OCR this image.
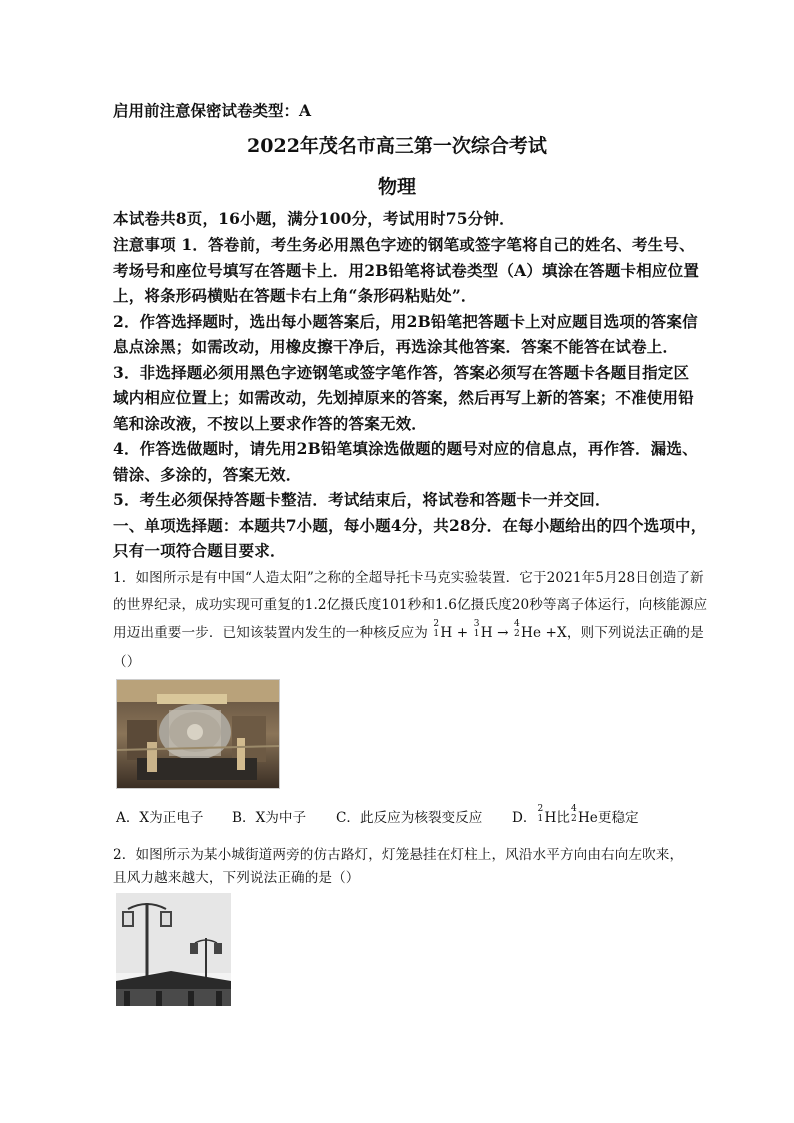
启用前注意保密试卷类型：A
2022年茂名市高三第一次综合考试
物理
本试卷共8页，16小题，满分100分，考试用时75分钟．
注意事项 1．答卷前，考生务必用黑色字迹的钢笔或签字笔将自己的姓名、考生号、
考场号和座位号填写在答题卡上．用2B铅笔将试卷类型（A）填涂在答题卡相应位置
上，将条形码横贴在答题卡右上角“条形码粘贴处”．
2．作答选择题时，选出每小题答案后，用2B铅笔把答题卡上对应题目选项的答案信
息点涂黑；如需改动，用橡皮擦干净后，再选涂其他答案．答案不能答在试卷上．
3．非选择题必须用黑色字迹钢笔或签字笔作答，答案必须写在答题卡各题目指定区
域内相应位置上；如需改动，先划掉原来的答案，然后再写上新的答案；不准使用铅
笔和涂改液，不按以上要求作答的答案无效．
4．作答选做题时，请先用2B铅笔填涂选做题的题号对应的信息点，再作答．漏选、
错涂、多涂的，答案无效．
5．考生必须保持答题卡整洁．考试结束后，将试卷和答题卡一并交回．
一、单项选择题：本题共7小题，每小题4分，共28分．在每小题给出的四个选项中，
只有一项符合题目要求．
1．如图所示是有中国“人造太阳”之称的全超导托卡马克实验装置．它于2021年5月28日创造了新
的世界纪录，成功实现可重复的1.2亿摄氏度101秒和1.6亿摄氏度20秒等离子体运行，向核能源应
用迈出重要一步．已知该装置内发生的一种核反应为
2
1 H +
3
1 H →
4
2 He +X，则下列说法正确的是
（）
A．X为正电子 B．X为中子 C．此反应为核裂变反应 D．
2
1 H比
4
2 He更稳定
2．如图所示为某小城街道两旁的仿古路灯，灯笼悬挂在灯柱上，风沿水平方向由右向左吹来，
且风力越来越大，下列说法正确的是（）
